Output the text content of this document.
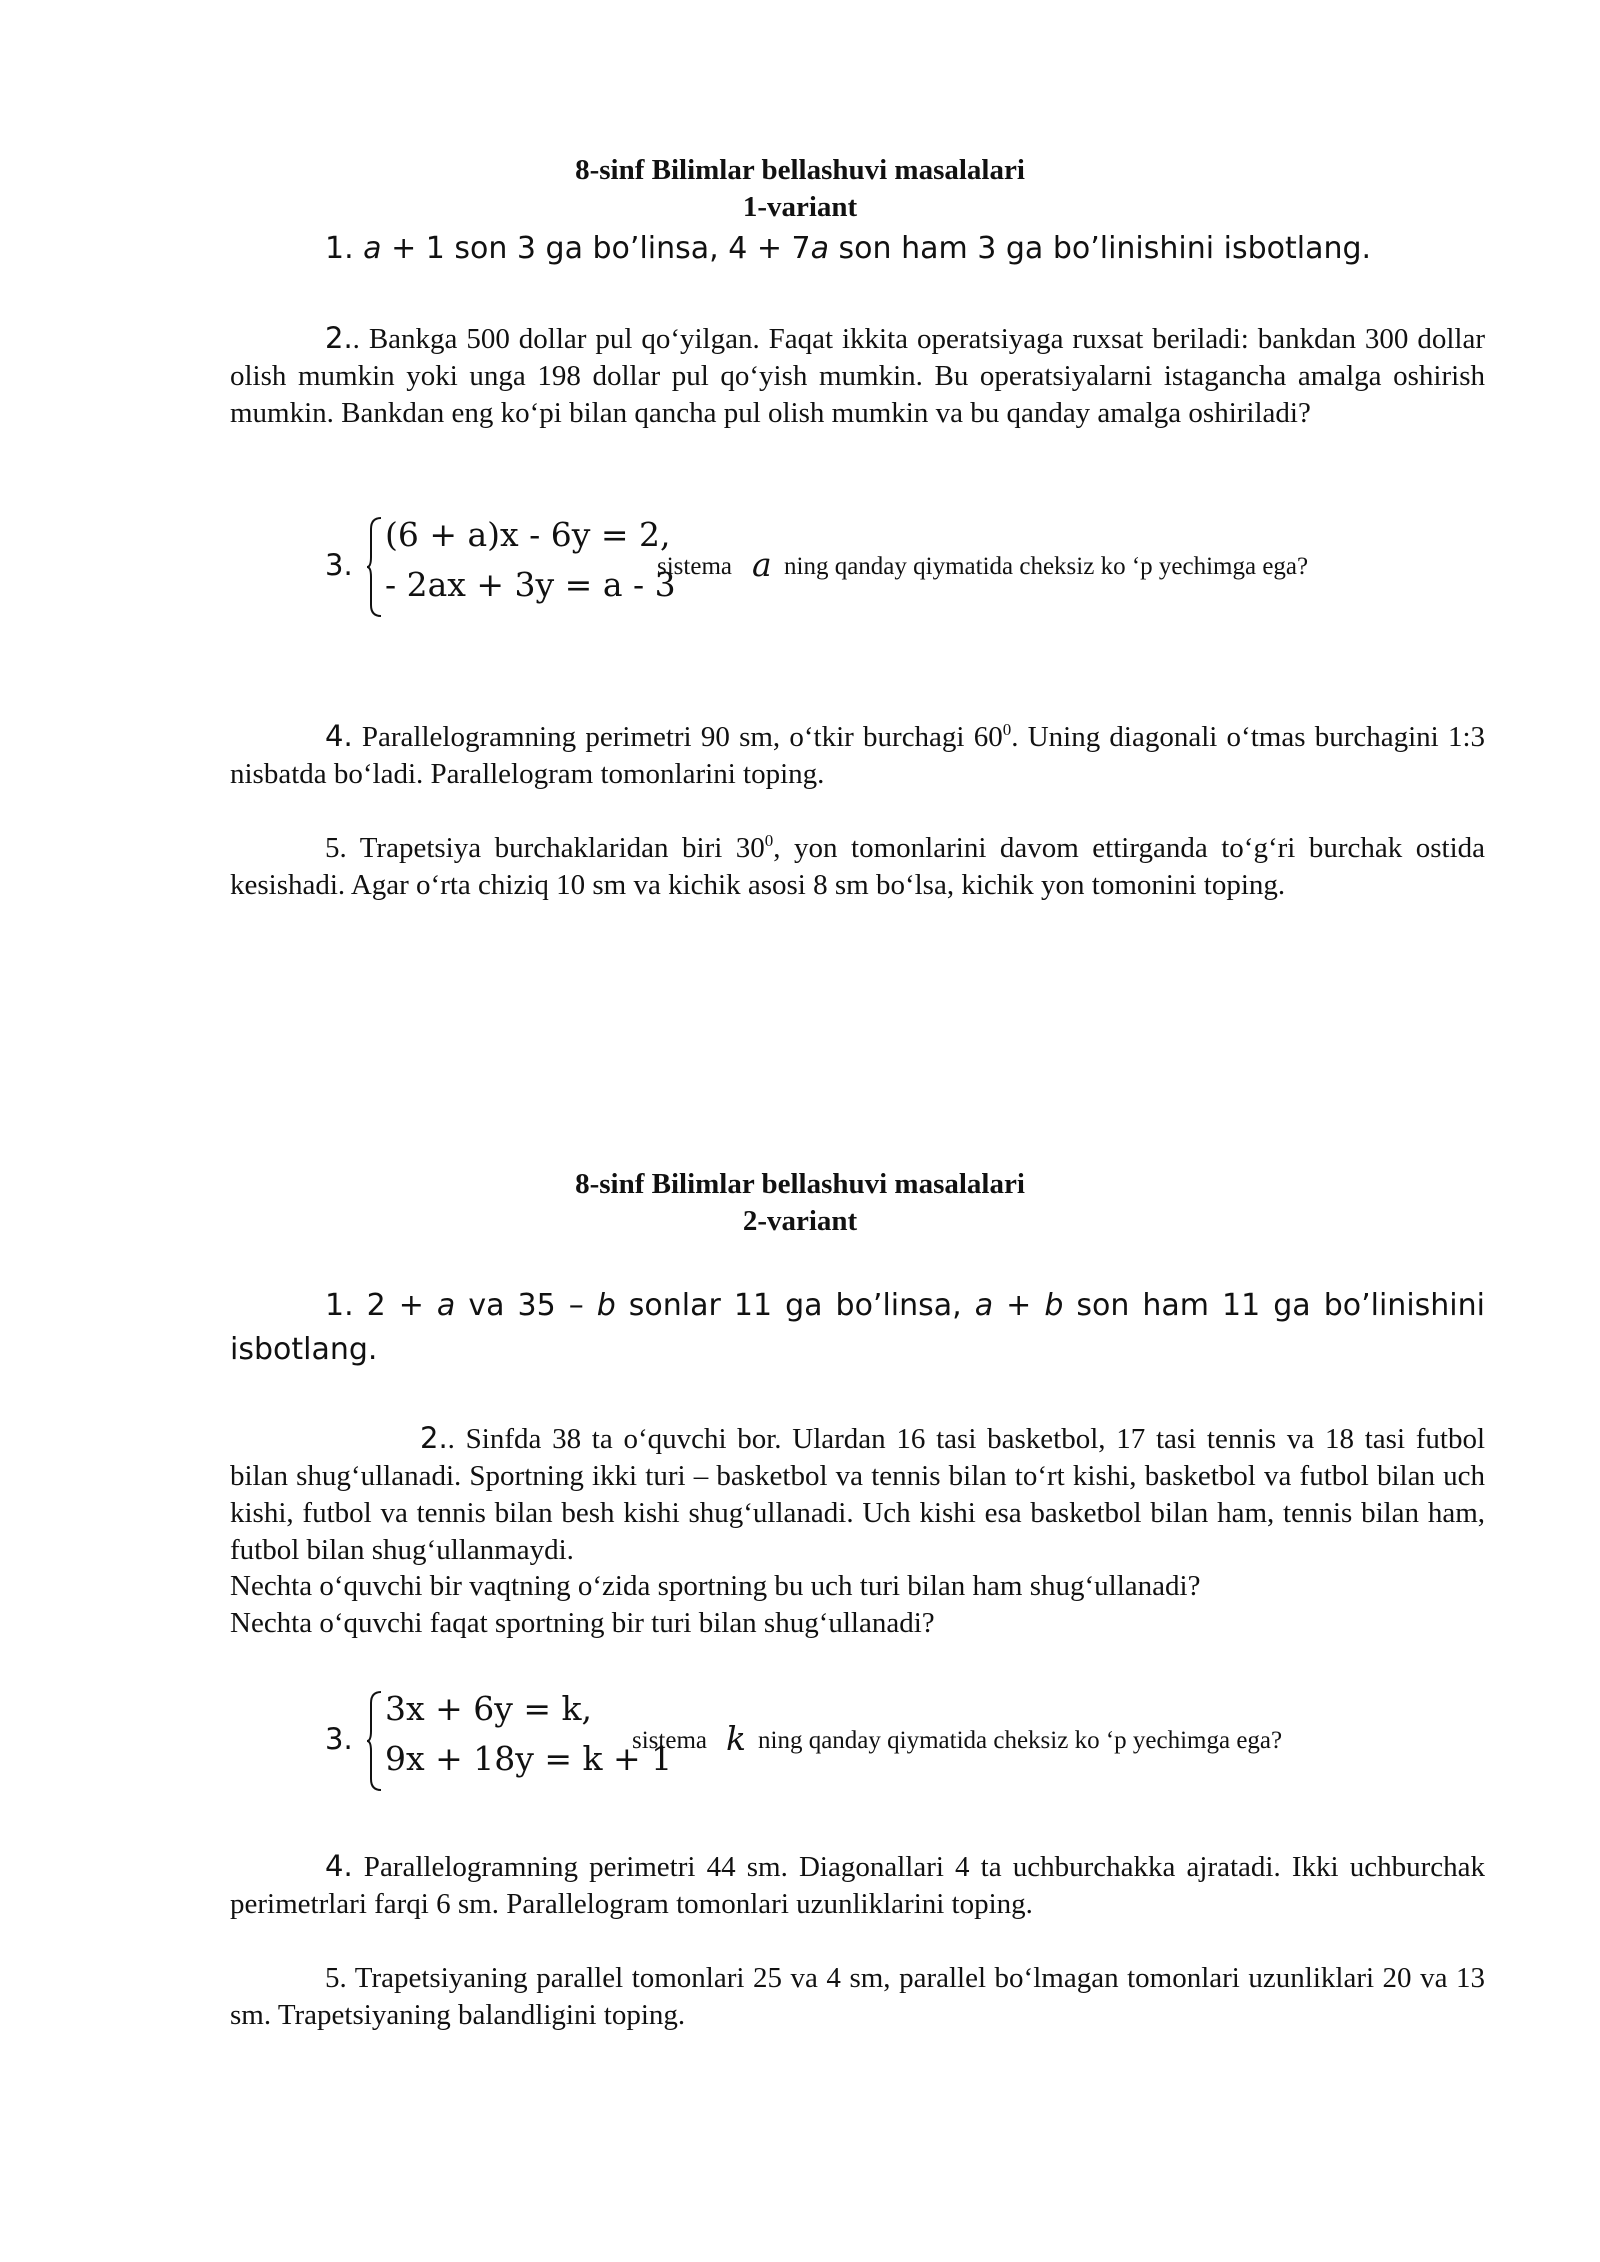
8-sinf Bilimlar bellashuvi masalalari
1-variant
1. a + 1 son 3 ga bo’linsa, 4 + 7a son ham 3 ga bo’linishini isbotlang.
2.. Bankga 500 dollar pul qo‘yilgan. Faqat ikkita operatsiyaga ruxsat beriladi: bankdan 300 dollar olish mumkin yoki unga 198 dollar pul qo‘yish mumkin. Bu operatsiyalarni istagancha amalga oshirish mumkin. Bankdan eng ko‘pi bilan qancha pul olish mumkin va bu qanday amalga oshiriladi?
3.
(6 + a)x - 6y = 2,
- 2ax + 3y = a - 3
sistema a ning qanday qiymatida cheksiz ko ‘p yechimga ega?
4. Parallelogramning perimetri 90 sm, o‘tkir burchagi $60^0$. Uning diagonali o‘tmas burchagini 1:3 nisbatda bo‘ladi. Parallelogram tomonlarini toping.
5. Trapetsiya burchaklaridan biri $30^0$, yon tomonlarini davom ettirganda to‘g‘ri burchak ostida kesishadi. Agar o‘rta chiziq 10 sm va kichik asosi 8 sm bo‘lsa, kichik yon tomonini toping.
8-sinf Bilimlar bellashuvi masalalari
2-variant
1. 2 + a va 35 – b sonlar 11 ga bo’linsa, a + b son ham 11 ga bo’linishini isbotlang.
2.. Sinfda 38 ta o‘quvchi bor. Ulardan 16 tasi basketbol, 17 tasi tennis va 18 tasi futbol bilan shug‘ullanadi. Sportning ikki turi – basketbol va tennis bilan to‘rt kishi, basketbol va futbol bilan uch kishi, futbol va tennis bilan besh kishi shug‘ullanadi. Uch kishi esa basketbol bilan ham, tennis bilan ham, futbol bilan shug‘ullanmaydi.
Nechta o‘quvchi bir vaqtning o‘zida sportning bu uch turi bilan ham shug‘ullanadi?
Nechta o‘quvchi faqat sportning bir turi bilan shug‘ullanadi?
3.
3x + 6y = k,
9x + 18y = k + 1
sistema k ning qanday qiymatida cheksiz ko ‘p yechimga ega?
4. Parallelogramning perimetri 44 sm. Diagonallari 4 ta uchburchakka ajratadi. Ikki uchburchak perimetrlari farqi 6 sm. Parallelogram tomonlari uzunliklarini toping.
5. Trapetsiyaning parallel tomonlari 25 va 4 sm, parallel bo‘lmagan tomonlari uzunliklari 20 va 13 sm. Trapetsiyaning balandligini toping.
